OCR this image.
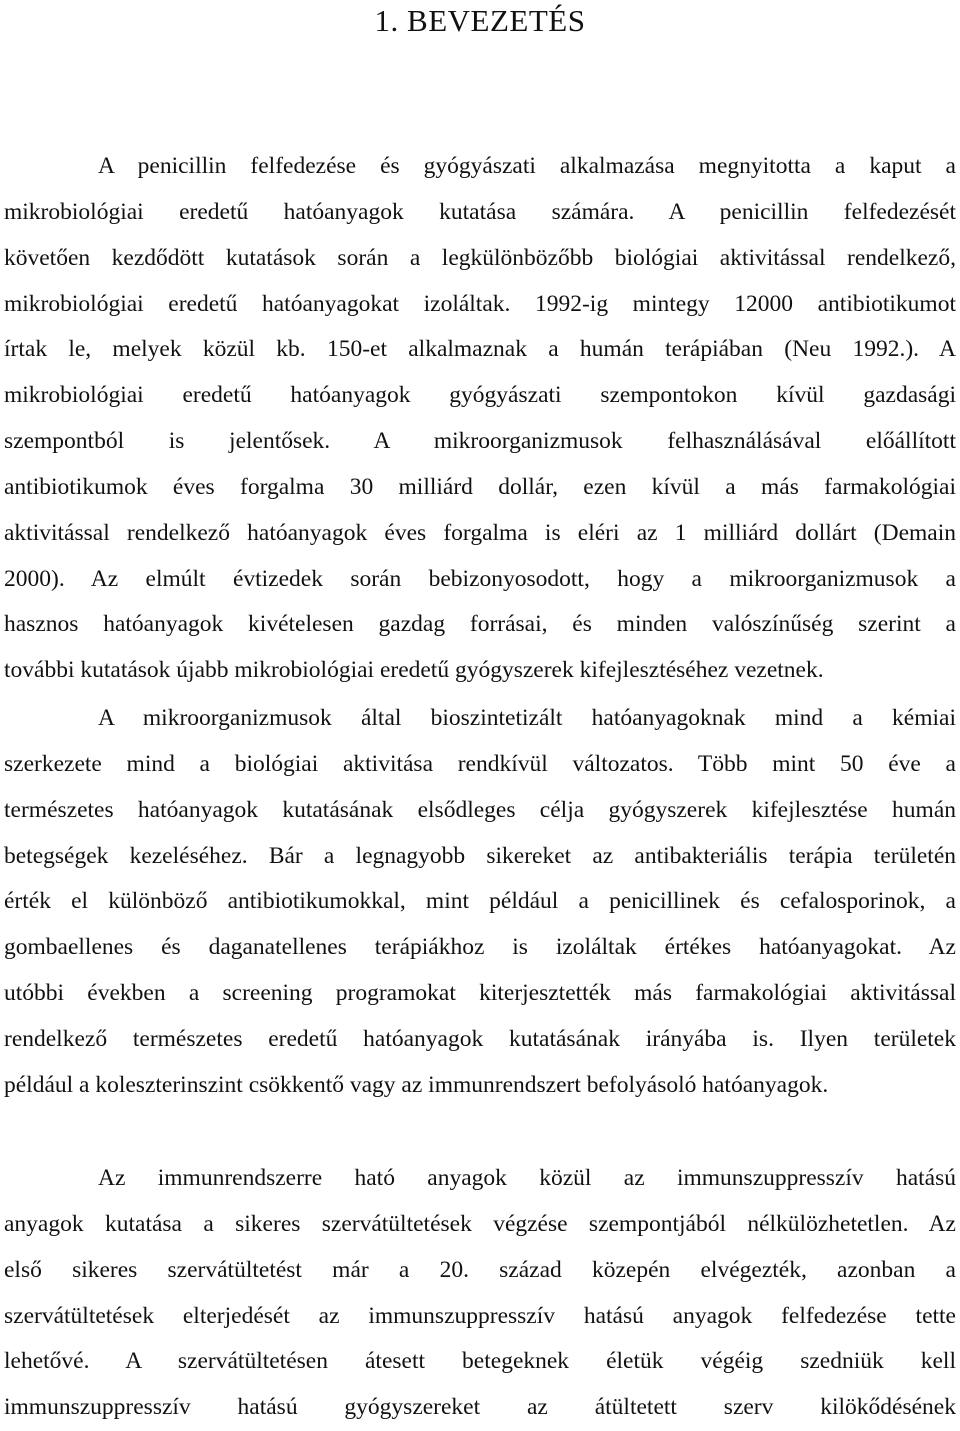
1. BEVEZETÉS
A penicillin felfedezése és gyógyászati alkalmazása megnyitotta a kaput a
mikrobiológiai eredetű hatóanyagok kutatása számára. A penicillin felfedezését
követően kezdődött kutatások során a legkülönbözőbb biológiai aktivitással rendelkező,
mikrobiológiai eredetű hatóanyagokat izoláltak. 1992-ig mintegy 12000 antibiotikumot
írtak le, melyek közül kb. 150-et alkalmaznak a humán terápiában (Neu 1992.). A
mikrobiológiai eredetű hatóanyagok gyógyászati szempontokon kívül gazdasági
szempontból is jelentősek. A mikroorganizmusok felhasználásával előállított
antibiotikumok éves forgalma 30 milliárd dollár, ezen kívül a más farmakológiai
aktivitással rendelkező hatóanyagok éves forgalma is eléri az 1 milliárd dollárt (Demain
2000). Az elmúlt évtizedek során bebizonyosodott, hogy a mikroorganizmusok a
hasznos hatóanyagok kivételesen gazdag forrásai, és minden valószínűség szerint a
további kutatások újabb mikrobiológiai eredetű gyógyszerek kifejlesztéséhez vezetnek.
A mikroorganizmusok által bioszintetizált hatóanyagoknak mind a kémiai
szerkezete mind a biológiai aktivitása rendkívül változatos. Több mint 50 éve a
természetes hatóanyagok kutatásának elsődleges célja gyógyszerek kifejlesztése humán
betegségek kezeléséhez. Bár a legnagyobb sikereket az antibakteriális terápia területén
érték el különböző antibiotikumokkal, mint például a penicillinek és cefalosporinok, a
gombaellenes és daganatellenes terápiákhoz is izoláltak értékes hatóanyagokat. Az
utóbbi években a screening programokat kiterjesztették más farmakológiai aktivitással
rendelkező természetes eredetű hatóanyagok kutatásának irányába is. Ilyen területek
például a koleszterinszint csökkentő vagy az immunrendszert befolyásoló hatóanyagok.
Az immunrendszerre ható anyagok közül az immunszuppresszív hatású
anyagok kutatása a sikeres szervátültetések végzése szempontjából nélkülözhetetlen. Az
első sikeres szervátültetést már a 20. század közepén elvégezték, azonban a
szervátültetések elterjedését az immunszuppresszív hatású anyagok felfedezése tette
lehetővé. A szervátültetésen átesett betegeknek életük végéig szedniük kell
immunszuppresszív hatású gyógyszereket az átültetett szerv kilökődésének
